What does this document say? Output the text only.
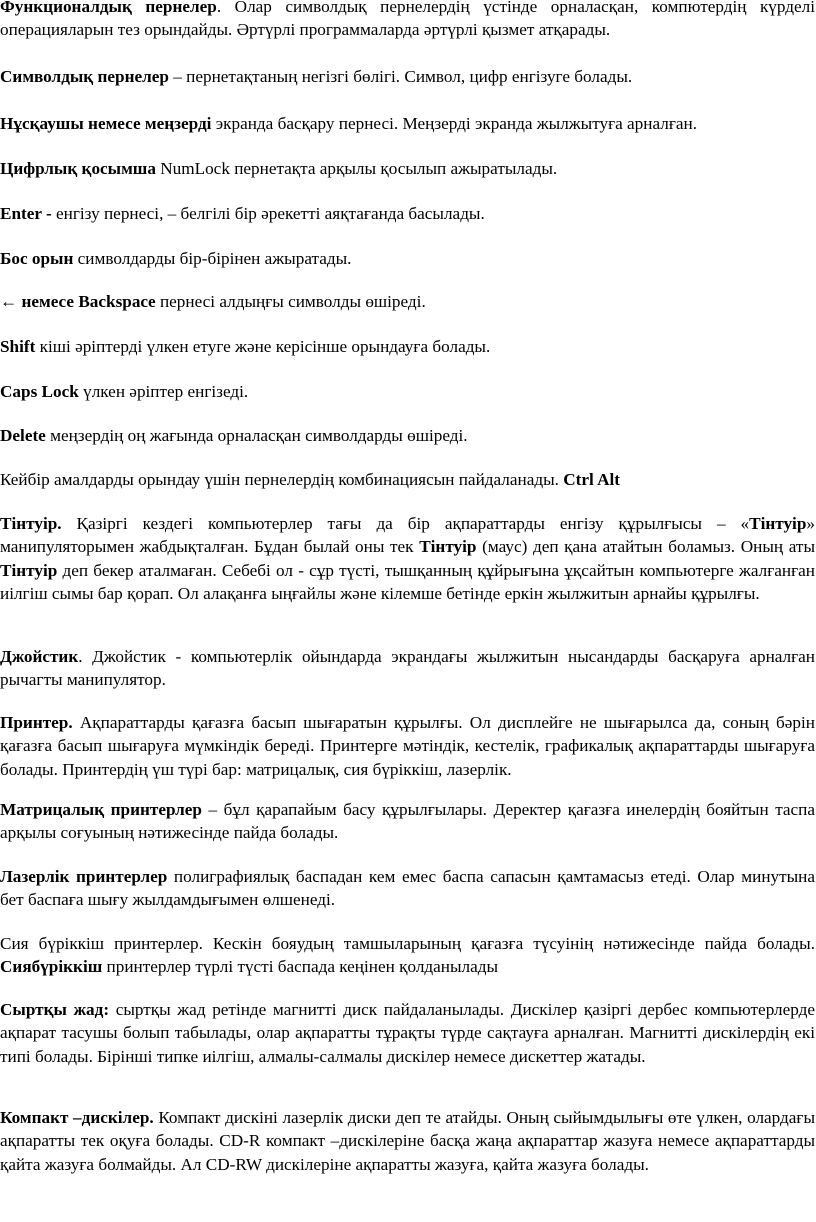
Функционалдық пернелер. Олар символдық пернелердің үстінде орналасқан, компютердің күрделі операцияларын тез орындайды. Әртүрлі программаларда әртүрлі қызмет атқарады.

Символдық пернелер – пернетақтаның негізгі бөлігі. Символ, цифр енгізуге болады.

Нұсқаушы немесе меңзерді экранда басқару пернесі. Меңзерді экранда жылжытуға арналған.

Цифрлық қосымша NumLock пернетақта арқылы қосылып ажыратылады.

Enter - енгізу пернесі, – белгілі бір әрекетті аяқтағанда басылады.

Бос орын символдарды бір-бірінен ажыратады.

← немесе Backspace пернесі алдыңғы символды өшіреді.

Shift кіші әріптерді үлкен етуге және керісінше орындауға болады.

Caps Lock үлкен әріптер енгізеді.

Delete меңзердің оң жағында орналасқан символдарды өшіреді.

Кейбір амалдарды орындау үшін пернелердің комбинациясын пайдаланады. Ctrl Alt

Тінтуір. Қазіргі кездегі компьютерлер тағы да бір ақпараттарды енгізу құрылғысы – «Тінтуір» манипуляторымен жабдықталған. Бұдан былай оны тек Тінтуір (маус) деп қана атайтын боламыз. Оның аты Тінтуір деп бекер аталмаған. Себебі ол - сұр түсті, тышқанның құйрығына ұқсайтын компьютерге жалғанған иілгіш сымы бар қорап. Ол алақанға ыңғайлы және кілемше бетінде еркін жылжитын арнайы құрылғы.

Джойстик. Джойстик - компьютерлік ойындарда экрандағы жылжитын нысандарды басқаруға арналған рычагты манипулятор.

Принтер. Ақпараттарды қағазға басып шығаратын құрылғы. Ол дисплейге не шығарылса да, соның бәрін қағазға басып шығаруға мүмкіндік береді. Принтерге мәтіндік, кестелік, графикалық ақпараттарды шығаруға болады. Принтердің үш түрі бар: матрицалық, сия бүріккіш, лазерлік.

Матрицалық принтерлер – бұл қарапайым басу құрылғылары. Деректер қағазға инелердің бояйтын таспа арқылы соғуының нәтижесінде пайда болады.

Лазерлік принтерлер полиграфиялық баспадан кем емес баспа сапасын қамтамасыз етеді. Олар минутына бет баспаға шығу жылдамдығымен өлшенеді.

Сия бүріккіш принтерлер. Кескін бояудың тамшыларының қағазға түсуінің нәтижесінде пайда болады. Сиябүріккіш принтерлер түрлі түсті баспада кеңінен қолданылады

Сыртқы жад: сыртқы жад ретінде магнитті диск пайдаланылады. Дискілер қазіргі дербес компьютерлерде ақпарат тасушы болып табылады, олар ақпаратты тұрақты түрде сақтауға арналған. Магнитті дискілердің екі типі болады. Бірінші типке иілгіш, алмалы-салмалы дискілер немесе дискеттер жатады.

Компакт –дискілер. Компакт дискіні лазерлік диски деп те атайды. Оның сыйымдылығы өте үлкен, олардағы ақпаратты тек оқуға болады. CD-R компакт –дискілеріне басқа жаңа ақпараттар жазуға немесе ақпараттарды қайта жазуға болмайды. Ал CD-RW дискілеріне ақпаратты жазуға, қайта жазуға болады.
